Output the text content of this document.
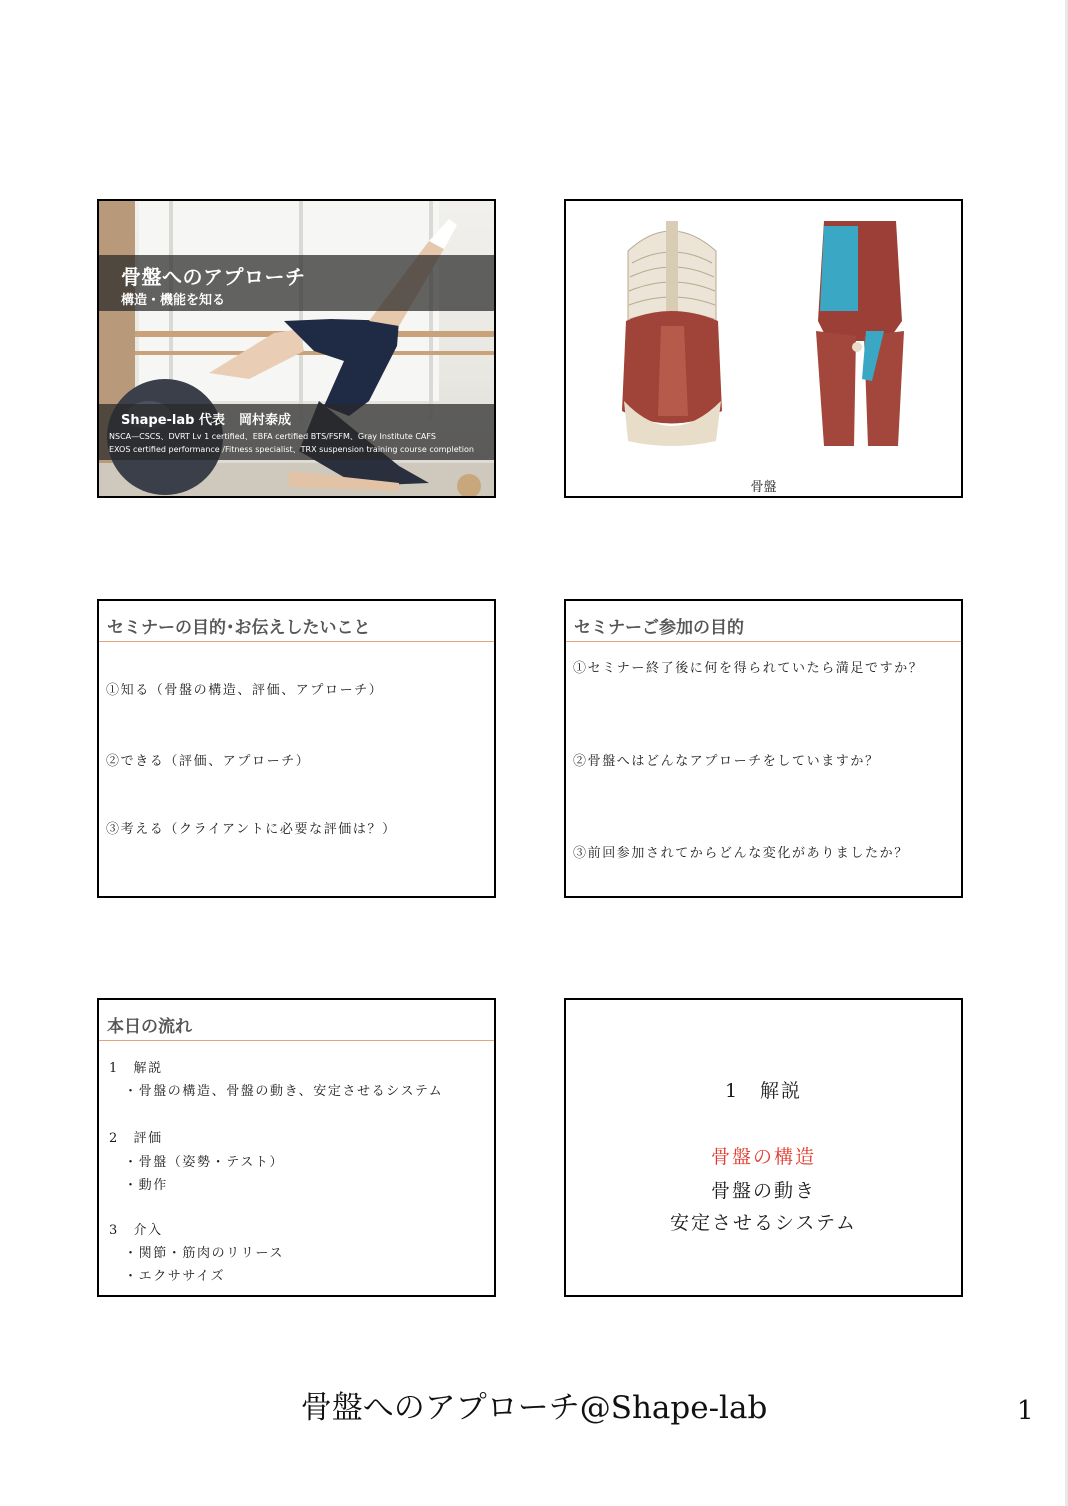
骨盤へのアプローチ
構造・機能を知る
Shape-lab 代表 岡村泰成
NSCA—CSCS、DVRT Lv 1 certified、EBFA certified BTS/FSFM、Gray Institute CAFS
EXOS certified performance /Fitness specialist、TRX suspension training course completion
骨盤
セミナーの目的･お伝えしたいこと
①知る（骨盤の構造、評価、アプローチ）
②できる（評価、アプローチ）
③考える（クライアントに必要な評価は？）
セミナーご参加の目的
①セミナー終了後に何を得られていたら満足ですか？
②骨盤へはどんなアプローチをしていますか？
③前回参加されてからどんな変化がありましたか？
本日の流れ
1　解説
・骨盤の構造、骨盤の動き、安定させるシステム
2　評価
・骨盤（姿勢・テスト）
・動作
3　介入
・関節・筋肉のリリース
・エクササイズ
1　解説
骨盤の構造
骨盤の動き
安定させるシステム
骨盤へのアプローチ@Shape-lab	1
